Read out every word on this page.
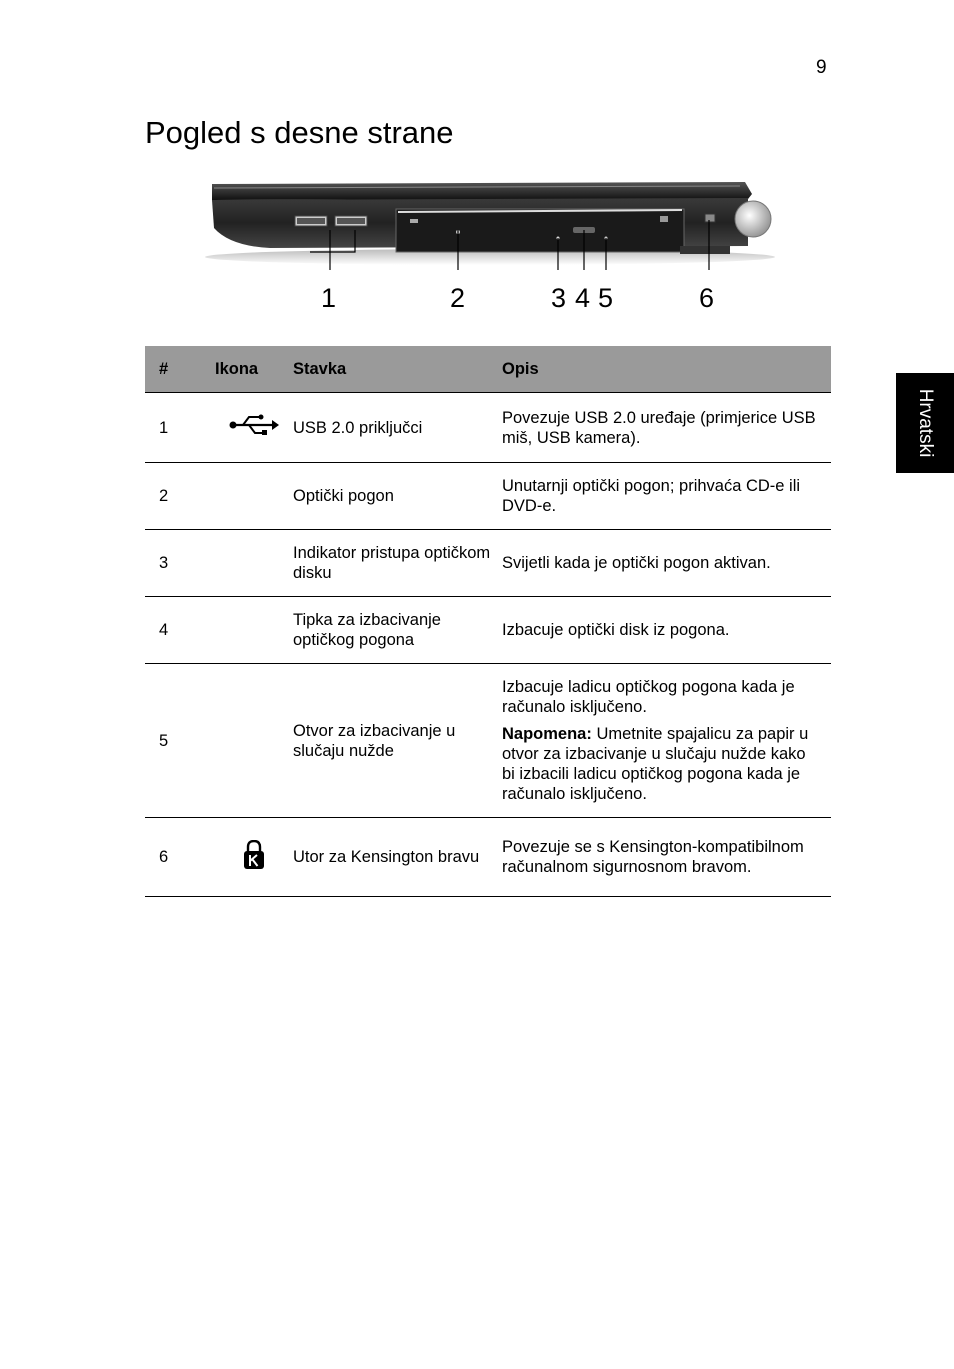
9
Pogled s desne strane
Hrvatski
1	2	3 4 5	6
#	Ikona	Stavka	Opis
1		USB 2.0 priključci	Povezuje USB 2.0 uređaje (primjerice USB miš, USB kamera).
2		Optički pogon	Unutarnji optički pogon; prihvaća CD-e ili DVD-e.
3		Indikator pristupa optičkom disku	Svijetli kada je optički pogon aktivan.
4		Tipka za izbacivanje optičkog pogona	Izbacuje optički disk iz pogona.
5		Otvor za izbacivanje u slučaju nužde	Izbacuje ladicu optičkog pogona kada je računalo isključeno.

Napomena: Umetnite spajalicu za papir u otvor za izbacivanje u slučaju nužde kako bi izbacili ladicu optičkog pogona kada je računalo isključeno.

6		Utor za Kensington bravu	Povezuje se s Kensington-kompatibilnom računalnom sigurnosnom bravom.
